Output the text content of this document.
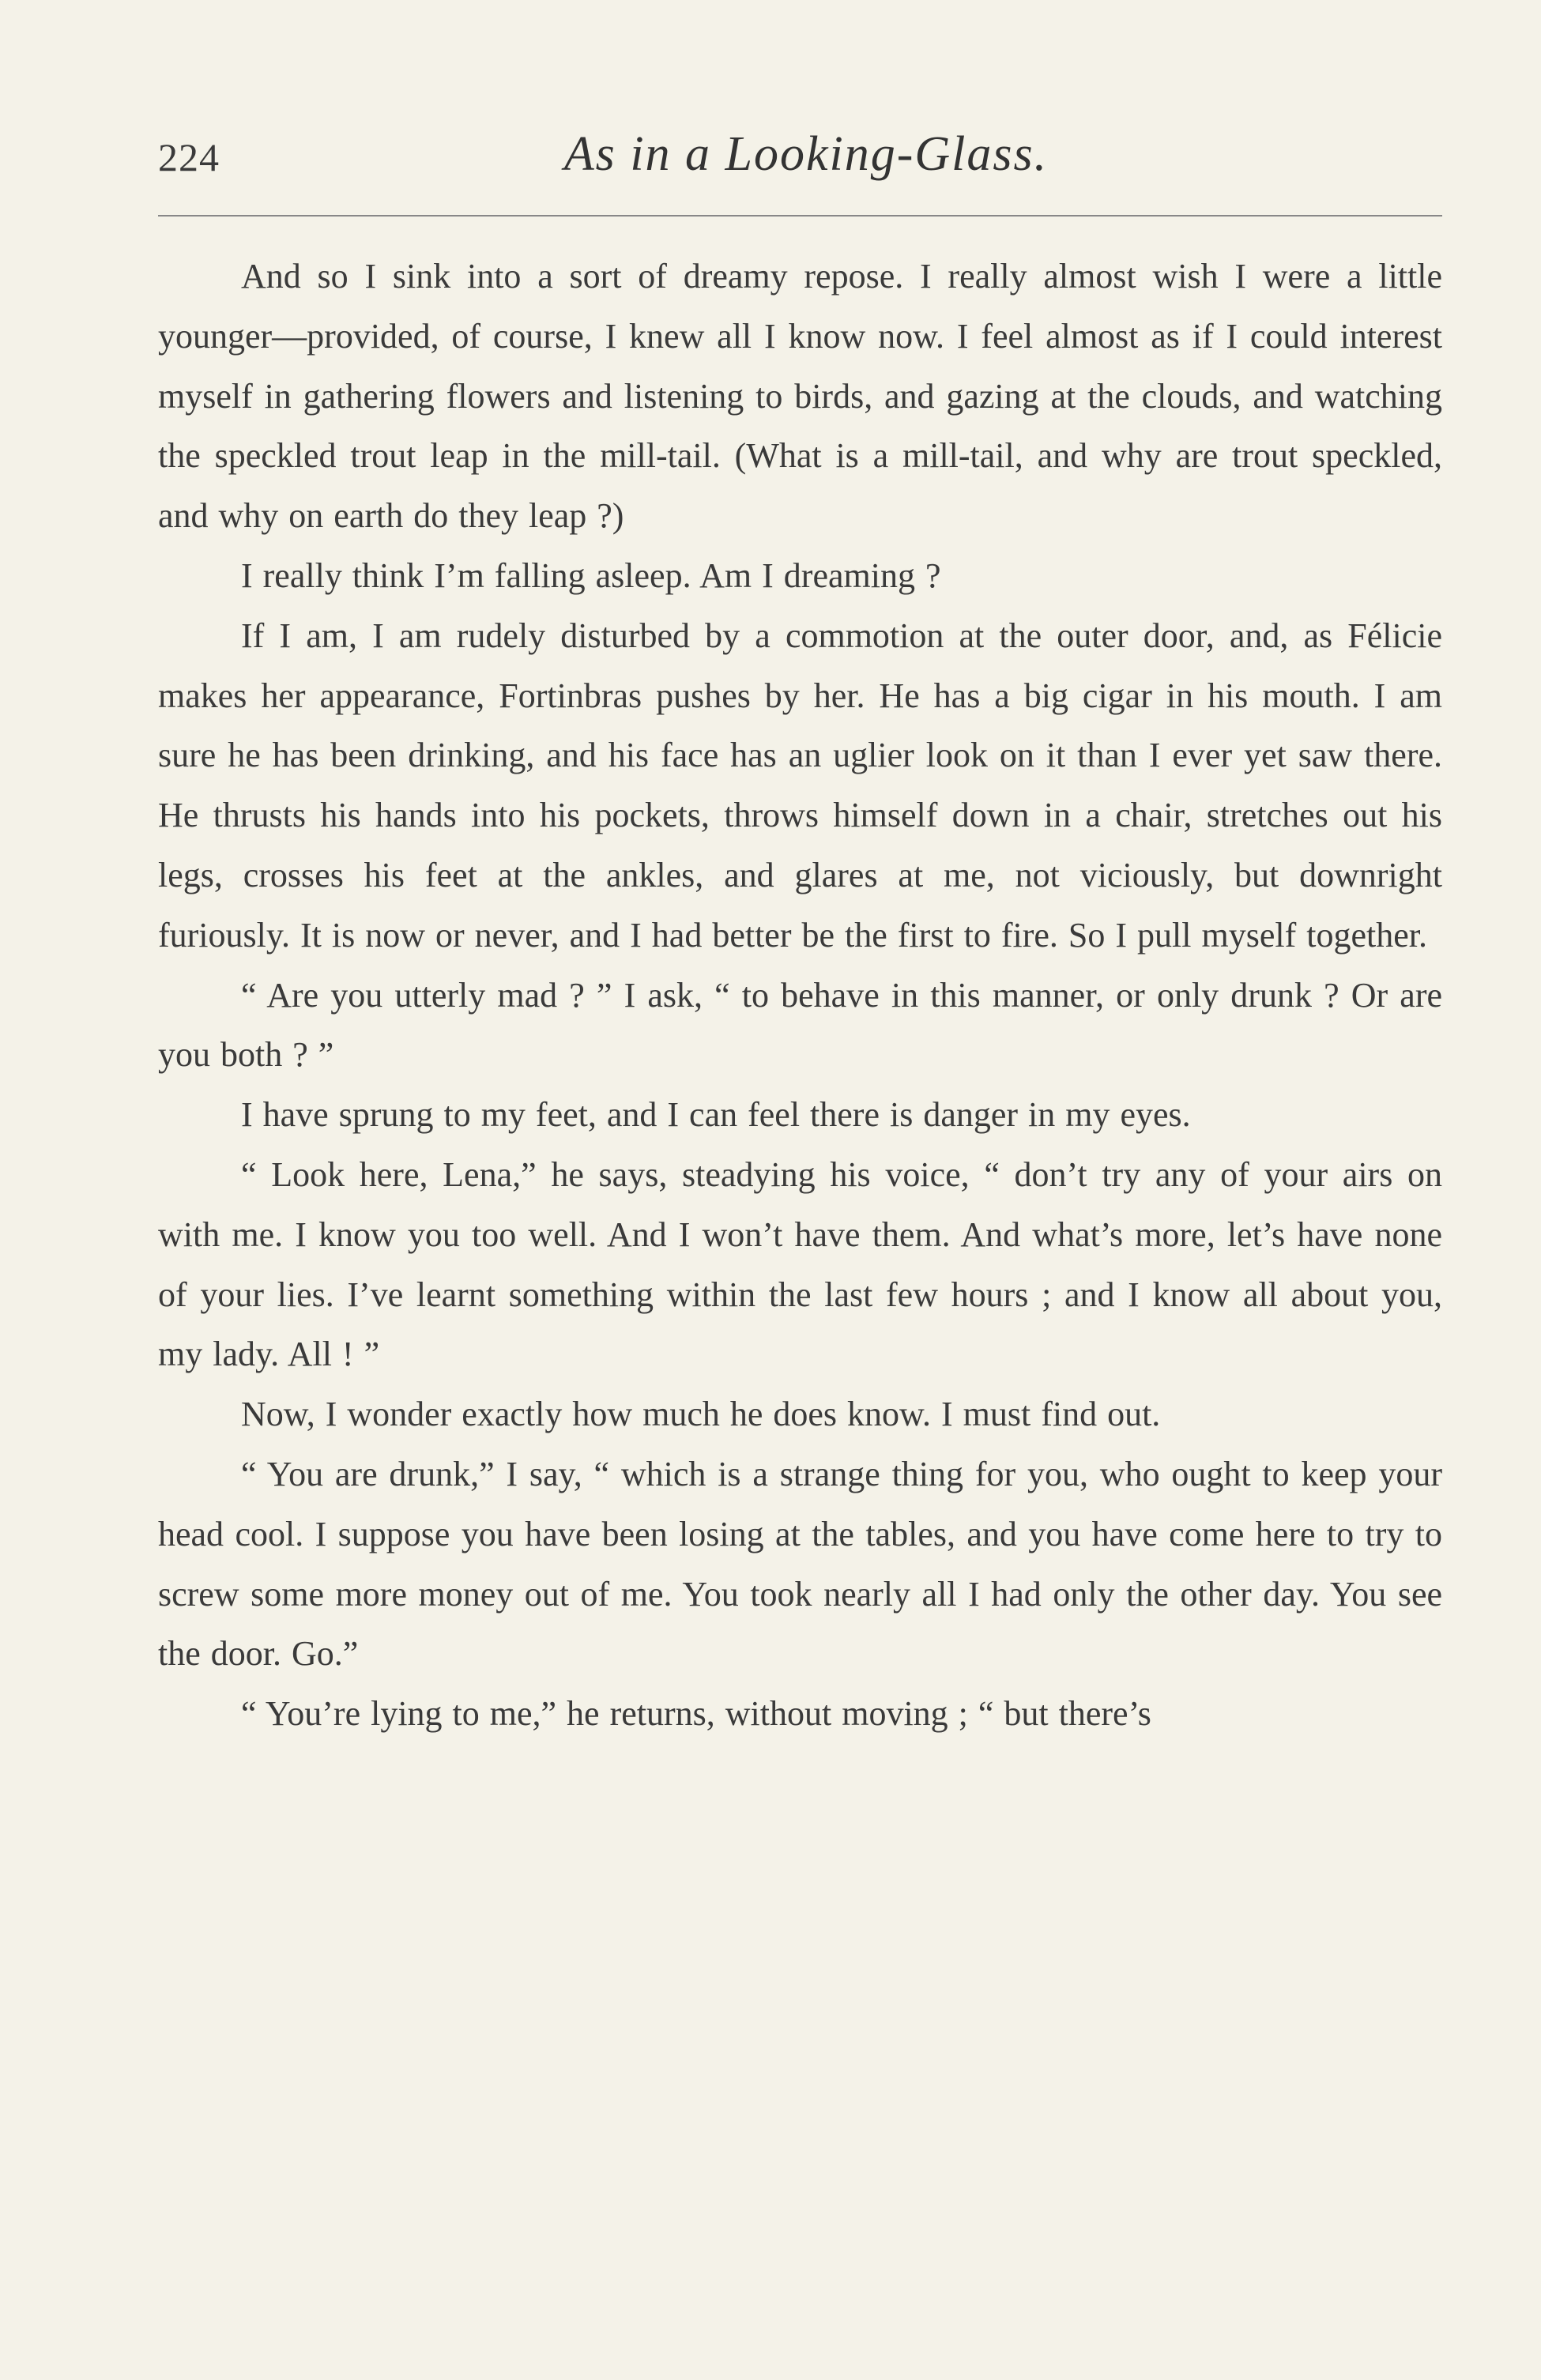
224	As in a Looking-Glass.

And so I sink into a sort of dreamy repose. I really almost wish I were a little younger—provided, of course, I knew all I know now. I feel almost as if I could interest myself in gathering flowers and listening to birds, and gazing at the clouds, and watching the speckled trout leap in the mill-tail. (What is a mill-tail, and why are trout speckled, and why on earth do they leap ?)

I really think I’m falling asleep. Am I dreaming ?

If I am, I am rudely disturbed by a commotion at the outer door, and, as Félicie makes her appearance, Fortinbras pushes by her. He has a big cigar in his mouth. I am sure he has been drinking, and his face has an uglier look on it than I ever yet saw there. He thrusts his hands into his pockets, throws himself down in a chair, stretches out his legs, crosses his feet at the ankles, and glares at me, not viciously, but downright furiously. It is now or never, and I had better be the first to fire. So I pull myself together.

“ Are you utterly mad ? ” I ask, “ to behave in this manner, or only drunk ? Or are you both ? ”

I have sprung to my feet, and I can feel there is danger in my eyes.

“ Look here, Lena,” he says, steadying his voice, “ don’t try any of your airs on with me. I know you too well. And I won’t have them. And what’s more, let’s have none of your lies. I’ve learnt something within the last few hours ; and I know all about you, my lady. All ! ”

Now, I wonder exactly how much he does know. I must find out.

“ You are drunk,” I say, “ which is a strange thing for you, who ought to keep your head cool. I suppose you have been losing at the tables, and you have come here to try to screw some more money out of me. You took nearly all I had only the other day. You see the door. Go.”

“ You’re lying to me,” he returns, without moving ; “ but there’s
